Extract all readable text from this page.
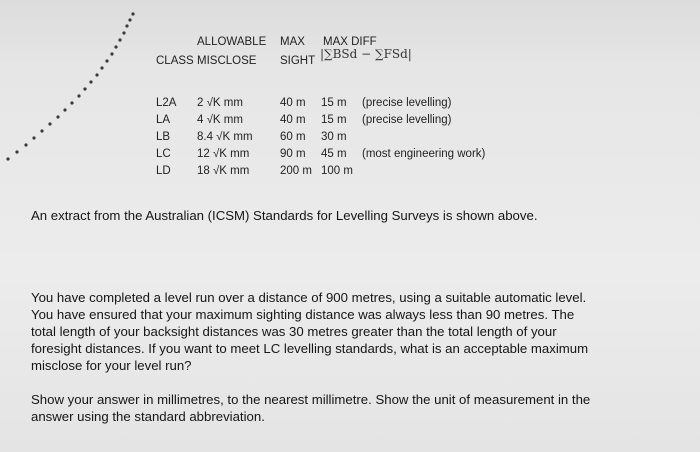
ALLOWABLE MAX MAX DIFF
CLASS MISCLOSE SIGHT |∑BSd − ∑FSd|
L2A 2 √K mm	40 m 15 m (precise levelling)
LA 4 √K mm	40 m 15 m (precise levelling)
LB 8.4 √K mm 60 m 30 m
LC 12 √K mm	90 m 45 m (most engineering work)
LD 18 √K mm	200 m 100 m
An extract from the Australian (ICSM) Standards for Levelling Surveys is shown above.
You have completed a level run over a distance of 900 metres, using a suitable automatic level. You have ensured that your maximum sighting distance was always less than 90 metres. The total length of your backsight distances was 30 metres greater than the total length of your foresight distances. If you want to meet LC levelling standards, what is an acceptable maximum misclose for your level run?
Show your answer in millimetres, to the nearest millimetre. Show the unit of measurement in the answer using the standard abbreviation.
